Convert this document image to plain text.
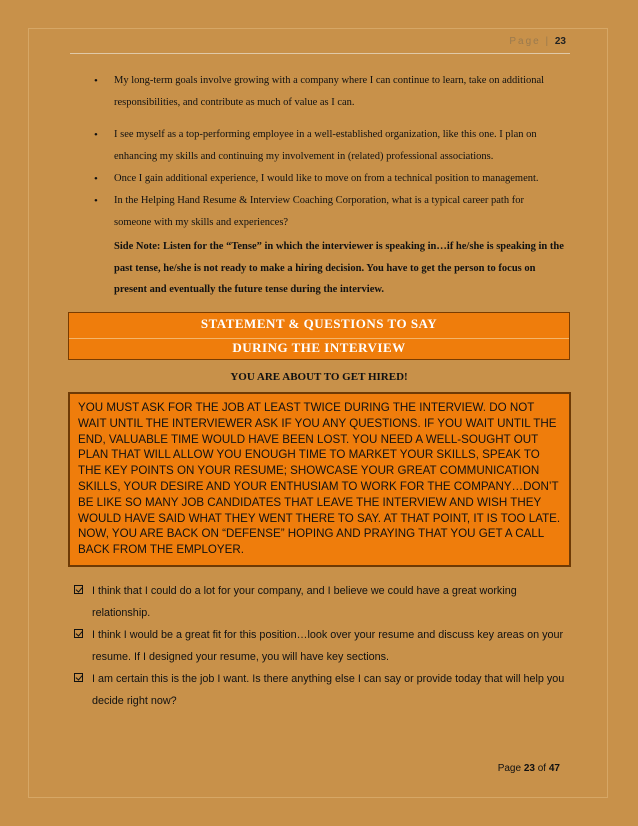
Page | 23
• My long-term goals involve growing with a company where I can continue to learn, take on additional responsibilities, and contribute as much of value as I can.
• I see myself as a top-performing employee in a well-established organization, like this one. I plan on enhancing my skills and continuing my involvement in (related) professional associations.
• Once I gain additional experience, I would like to move on from a technical position to management.
• In the Helping Hand Resume & Interview Coaching Corporation, what is a typical career path for someone with my skills and experiences?
Side Note: Listen for the “Tense” in which the interviewer is speaking in…if he/she is speaking in the past tense, he/she is not ready to make a hiring decision. You have to get the person to focus on present and eventually the future tense during the interview.
STATEMENT & QUESTIONS TO SAY
DURING THE INTERVIEW
YOU ARE ABOUT TO GET HIRED!
YOU MUST ASK FOR THE JOB AT LEAST TWICE DURING THE INTERVIEW. DO NOT WAIT UNTIL THE INTERVIEWER ASK IF YOU ANY QUESTIONS. IF YOU WAIT UNTIL THE END, VALUABLE TIME WOULD HAVE BEEN LOST. YOU NEED A WELL-SOUGHT OUT PLAN THAT WILL ALLOW YOU ENOUGH TIME TO MARKET YOUR SKILLS, SPEAK TO THE KEY POINTS ON YOUR RESUME; SHOWCASE YOUR GREAT COMMUNICATION SKILLS, YOUR DESIRE AND YOUR ENTHUSIAM TO WORK FOR THE COMPANY…DON’T BE LIKE SO MANY JOB CANDIDATES THAT LEAVE THE INTERVIEW AND WISH THEY WOULD HAVE SAID WHAT THEY WENT THERE TO SAY. AT THAT POINT, IT IS TOO LATE. NOW, YOU ARE BACK ON “DEFENSE” HOPING AND PRAYING THAT YOU GET A CALL BACK FROM THE EMPLOYER.
I think that I could do a lot for your company, and I believe we could have a great working relationship.
I think I would be a great fit for this position…look over your resume and discuss key areas on your resume. If I designed your resume, you will have key sections.
I am certain this is the job I want. Is there anything else I can say or provide today that will help you decide right now?
Page 23 of 47
